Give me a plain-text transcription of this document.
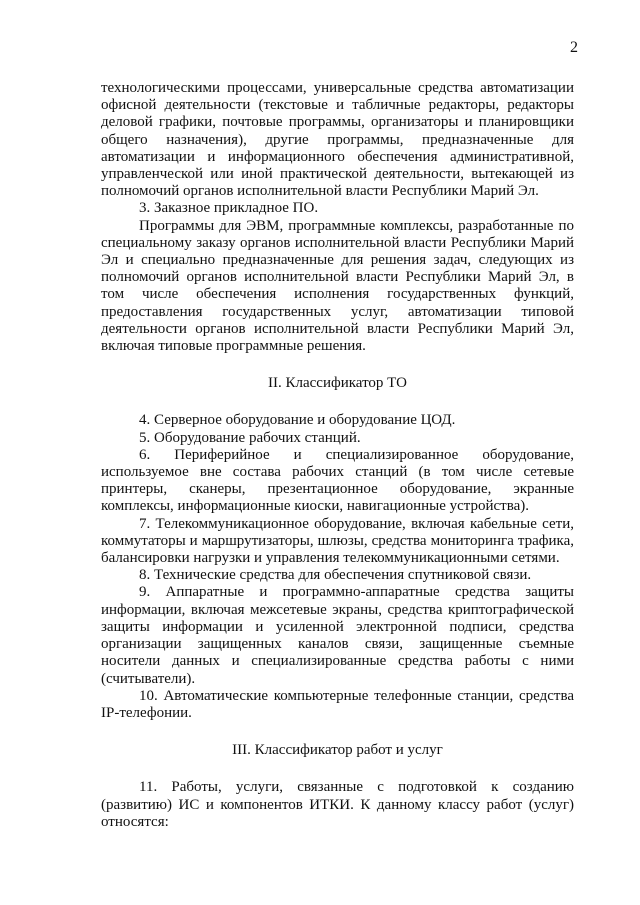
2

технологическими процессами, универсальные средства автоматизации офисной деятельности (текстовые и табличные редакторы, редакторы деловой графики, почтовые программы, организаторы и планировщики общего назначения), другие программы, предназначенные для автоматизации и информационного обеспечения административной, управленческой или иной практической деятельности, вытекающей из полномочий органов исполнительной власти Республики Марий Эл.

3. Заказное прикладное ПО.

Программы для ЭВМ, программные комплексы, разработанные по специальному заказу органов исполнительной власти Республики Марий Эл и специально предназначенные для решения задач, следующих из полномочий органов исполнительной власти Республики Марий Эл, в том числе обеспечения исполнения государственных функций, предоставления государственных услуг, автоматизации типовой деятельности органов исполнительной власти Республики Марий Эл, включая типовые программные решения.

II. Классификатор ТО

4. Серверное оборудование и оборудование ЦОД.

5. Оборудование рабочих станций.

6. Периферийное и специализированное оборудование, используемое вне состава рабочих станций (в том числе сетевые принтеры, сканеры, презентационное оборудование, экранные комплексы, информационные киоски, навигационные устройства).

7. Телекоммуникационное оборудование, включая кабельные сети, коммутаторы и маршрутизаторы, шлюзы, средства мониторинга трафика, балансировки нагрузки и управления телекоммуникационными сетями.

8. Технические средства для обеспечения спутниковой связи.

9. Аппаратные и программно-аппаратные средства защиты информации, включая межсетевые экраны, средства криптографической защиты информации и усиленной электронной подписи, средства организации защищенных каналов связи, защищенные съемные носители данных и специализированные средства работы с ними (считыватели).

10. Автоматические компьютерные телефонные станции, средства IP-телефонии.

III. Классификатор работ и услуг

11. Работы, услуги, связанные с подготовкой к созданию (развитию) ИС и компонентов ИТКИ. К данному классу работ (услуг) относятся:
